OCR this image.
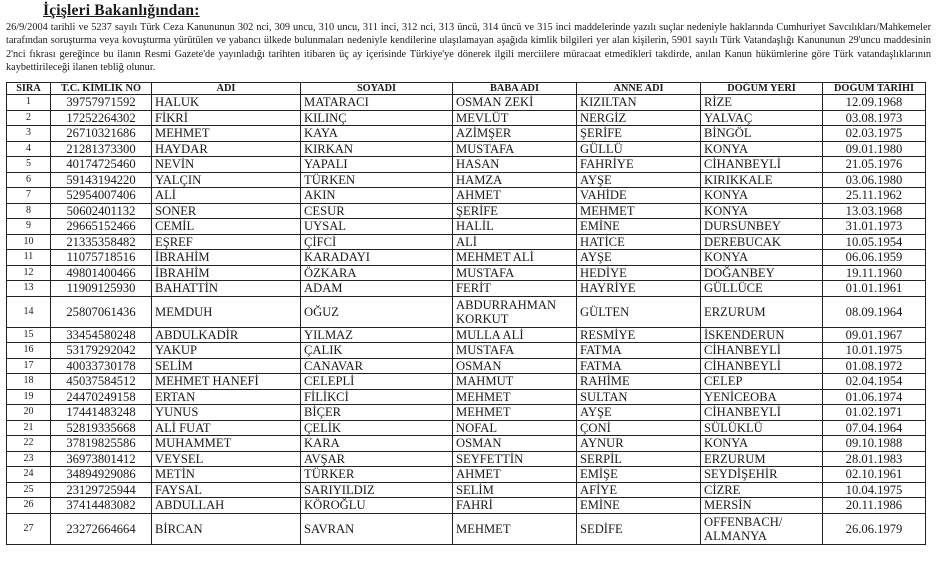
İçişleri Bakanlığından:
26/9/2004 tarihli ve 5237 sayılı Türk Ceza Kanununun 302 nci, 309 uncu, 310 uncu, 311 inci, 312 nci, 313 üncü, 314 üncü ve 315 inci maddelerinde yazılı suçlar nedeniyle haklarında Cumhuriyet Savcılıkları/Mahkemeler tarafından soruşturma veya kovuşturma yürütülen ve yabancı ülkede bulunmaları nedeniyle kendilerine ulaşılamayan aşağıda kimlik bilgileri yer alan kişilerin, 5901 sayılı Türk Vatandaşlığı Kanununun 29'uncu maddesinin 2'nci fıkrası gereğince bu ilanın Resmi Gazete'de yayınladığı tarihten itibaren üç ay içerisinde Türkiye'ye dönerek ilgili merciilere müracaat etmedikleri takdirde, anılan Kanun hükümlerine göre Türk vatandaşlıklarının kaybettirileceği ilanen tebliğ olunur.
SIRA	T.C. KİMLİK NO	ADI	SOYADI	BABA ADI	ANNE ADI	DOĞUM YERİ	DOĞUM TARİHİ
1	39757971592	HALUK	MATARACI	OSMAN ZEKİ	KIZILTAN	RİZE	12.09.1968
2	17252264302	FİKRİ	KILINÇ	MEVLÜT	NERGİZ	YALVAÇ	03.08.1973
3	26710321686	MEHMET	KAYA	AZİMŞER	ŞERİFE	BİNGÖL	02.03.1975
4	21281373300	HAYDAR	KIRKAN	MUSTAFA	GÜLLÜ	KONYA	09.01.1980
5	40174725460	NEVİN	YAPALI	HASAN	FAHRİYE	CİHANBEYLİ	21.05.1976
6	59143194220	YALÇIN	TÜRKEN	HAMZA	AYŞE	KIRIKKALE	03.06.1980
7	52954007406	ALİ	AKIN	AHMET	VAHİDE	KONYA	25.11.1962
8	50602401132	SONER	CESUR	ŞERİFE	MEHMET	KONYA	13.03.1968
9	29665152466	CEMİL	UYSAL	HALİL	EMİNE	DURSUNBEY	31.01.1973
10	21335358482	EŞREF	ÇİFCİ	ALİ	HATİCE	DEREBUCAK	10.05.1954
11	11075718516	İBRAHİM	KARADAYI	MEHMET ALİ	AYŞE	KONYA	06.06.1959
12	49801400466	İBRAHİM	ÖZKARA	MUSTAFA	HEDİYE	DOĞANBEY	19.11.1960
13	11909125930	BAHATTİN	ADAM	FERİT	HAYRİYE	GÜLLÜCE	01.01.1961
14	25807061436	MEMDUH	OĞUZ	ABDURRAHMAN KORKUT	GÜLTEN	ERZURUM	08.09.1964
15	33454580248	ABDULKADİR	YILMAZ	MULLA ALİ	RESMİYE	İSKENDERUN	09.01.1967
16	53179292042	YAKUP	ÇALIK	MUSTAFA	FATMA	CİHANBEYLİ	10.01.1975
17	40033730178	SELİM	CANAVAR	OSMAN	FATMA	CİHANBEYLİ	01.08.1972
18	45037584512	MEHMET HANEFİ	CELEPLİ	MAHMUT	RAHİME	CELEP	02.04.1954
19	24470249158	ERTAN	FİLİKCİ	MEHMET	SULTAN	YENİCEOBA	01.06.1974
20	17441483248	YUNUS	BİÇER	MEHMET	AYŞE	CİHANBEYLİ	01.02.1971
21	52819335668	ALİ FUAT	ÇELİK	NOFAL	ÇONİ	SÜLÜKLÜ	07.04.1964
22	37819825586	MUHAMMET	KARA	OSMAN	AYNUR	KONYA	09.10.1988
23	36973801412	VEYSEL	AVŞAR	SEYFETTİN	SERPİL	ERZURUM	28.01.1983
24	34894929086	METİN	TÜRKER	AHMET	EMİŞE	SEYDİŞEHİR	02.10.1961
25	23129725944	FAYSAL	SARIYILDIZ	SELİM	AFİYE	CİZRE	10.04.1975
26	37414483082	ABDULLAH	KÖROĞLU	FAHRİ	EMİNE	MERSİN	20.11.1986
27	23272664664	BİRCAN	SAVRAN	MEHMET	SEDİFE	OFFENBACH/ ALMANYA	26.06.1979
